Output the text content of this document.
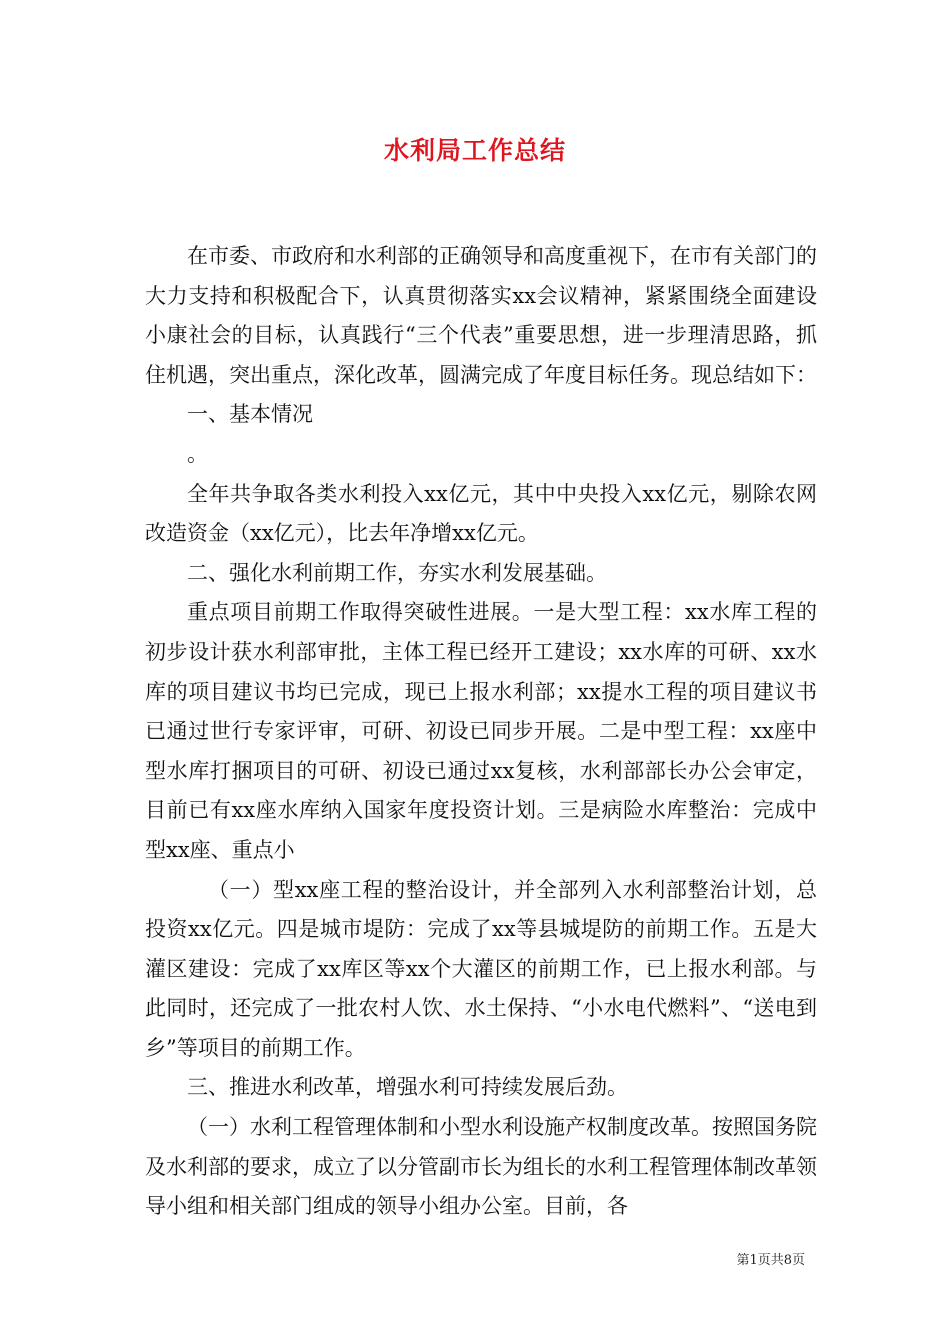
水利局工作总结

在市委、市政府和水利部的正确领导和高度重视下，在市有关部门的大力支持和积极配合下，认真贯彻落实xx会议精神，紧紧围绕全面建设小康社会的目标，认真践行“三个代表”重要思想，进一步理清思路，抓住机遇，突出重点，深化改革，圆满完成了年度目标任务。现总结如下：

一、基本情况

。

全年共争取各类水利投入xx亿元，其中中央投入xx亿元，剔除农网改造资金（xx亿元），比去年净增xx亿元。

二、强化水利前期工作，夯实水利发展基础。

重点项目前期工作取得突破性进展。一是大型工程：xx水库工程的初步设计获水利部审批，主体工程已经开工建设；xx水库的可研、xx水库的项目建议书均已完成，现已上报水利部；xx提水工程的项目建议书已通过世行专家评审，可研、初设已同步开展。二是中型工程：xx座中型水库打捆项目的可研、初设已通过xx复核，水利部部长办公会审定，目前已有xx座水库纳入国家年度投资计划。三是病险水库整治：完成中型xx座、重点小

（一）型xx座工程的整治设计，并全部列入水利部整治计划，总投资xx亿元。四是城市堤防：完成了xx等县城堤防的前期工作。五是大灌区建设：完成了xx库区等xx个大灌区的前期工作，已上报水利部。与此同时，还完成了一批农村人饮、水土保持、“小水电代燃料”、“送电到乡”等项目的前期工作。

三、推进水利改革，增强水利可持续发展后劲。

（一）水利工程管理体制和小型水利设施产权制度改革。按照国务院及水利部的要求，成立了以分管副市长为组长的水利工程管理体制改革领导小组和相关部门组成的领导小组办公室。目前，各

第1页共8页
